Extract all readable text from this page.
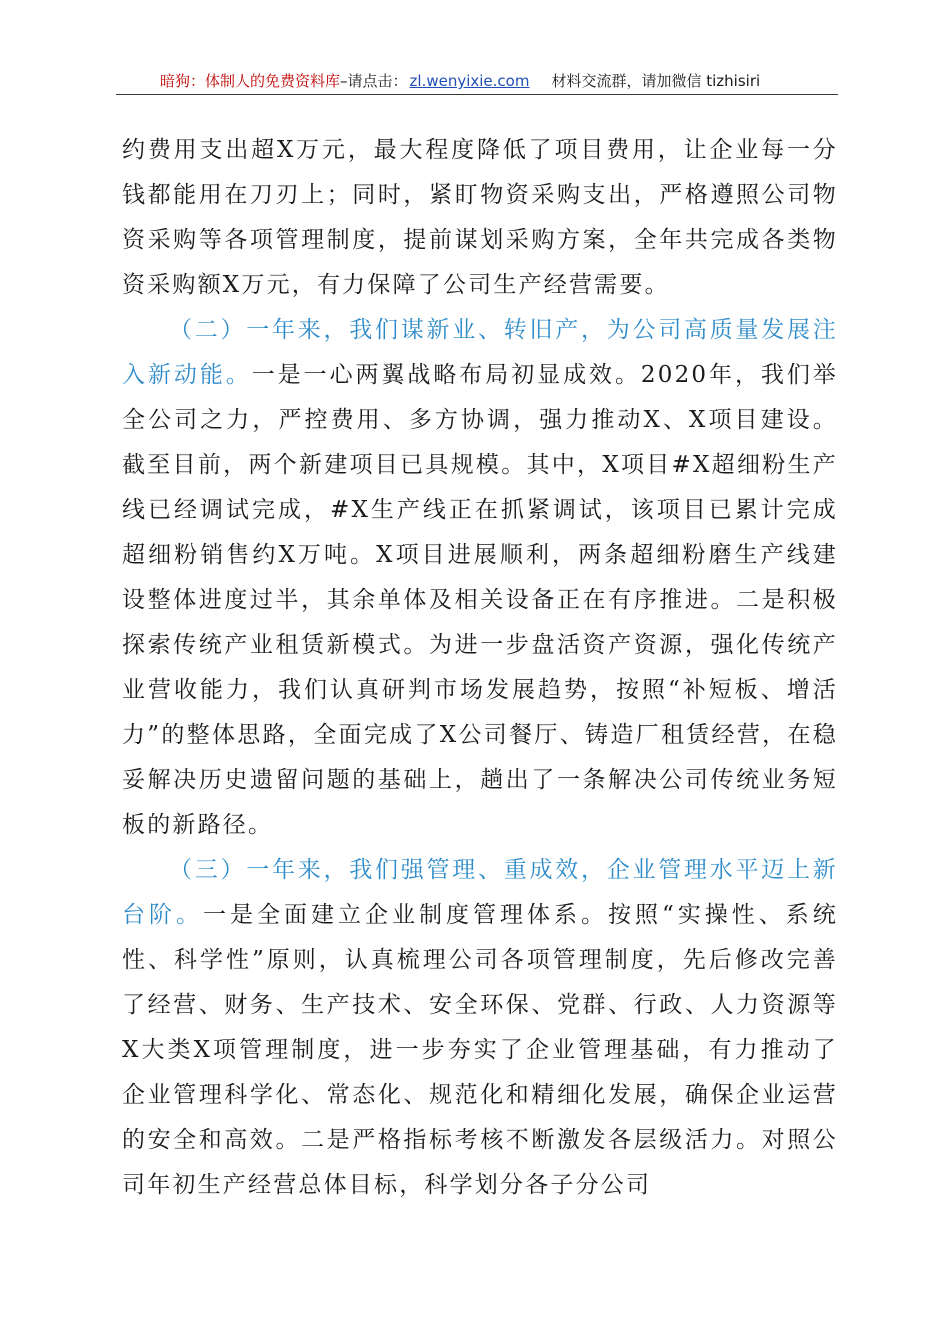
暗狗：体制人的免费资料库–请点击： zl.wenyixie.com 材料交流群，请加微信 tizhisiri

约费用支出超X万元，最大程度降低了项目费用，让企业每一分钱都能用在刀刃上；同时，紧盯物资采购支出，严格遵照公司物资采购等各项管理制度，提前谋划采购方案，全年共完成各类物资采购额X万元，有力保障了公司生产经营需要。

（二）一年来，我们谋新业、转旧产，为公司高质量发展注入新动能。一是一心两翼战略布局初显成效。2020年，我们举全公司之力，严控费用、多方协调，强力推动X、X项目建设。截至目前，两个新建项目已具规模。其中，X项目#X超细粉生产线已经调试完成，#X生产线正在抓紧调试，该项目已累计完成超细粉销售约X万吨。X项目进展顺利，两条超细粉磨生产线建设整体进度过半，其余单体及相关设备正在有序推进。二是积极探索传统产业租赁新模式。为进一步盘活资产资源，强化传统产业营收能力，我们认真研判市场发展趋势，按照“补短板、增活力”的整体思路，全面完成了X公司餐厅、铸造厂租赁经营，在稳妥解决历史遗留问题的基础上，趟出了一条解决公司传统业务短板的新路径。

（三）一年来，我们强管理、重成效，企业管理水平迈上新台阶。一是全面建立企业制度管理体系。按照“实操性、系统性、科学性”原则，认真梳理公司各项管理制度，先后修改完善了经营、财务、生产技术、安全环保、党群、行政、人力资源等X大类X项管理制度，进一步夯实了企业管理基础，有力推动了企业管理科学化、常态化、规范化和精细化发展，确保企业运营的安全和高效。二是严格指标考核不断激发各层级活力。对照公司年初生产经营总体目标，科学划分各子分公司
